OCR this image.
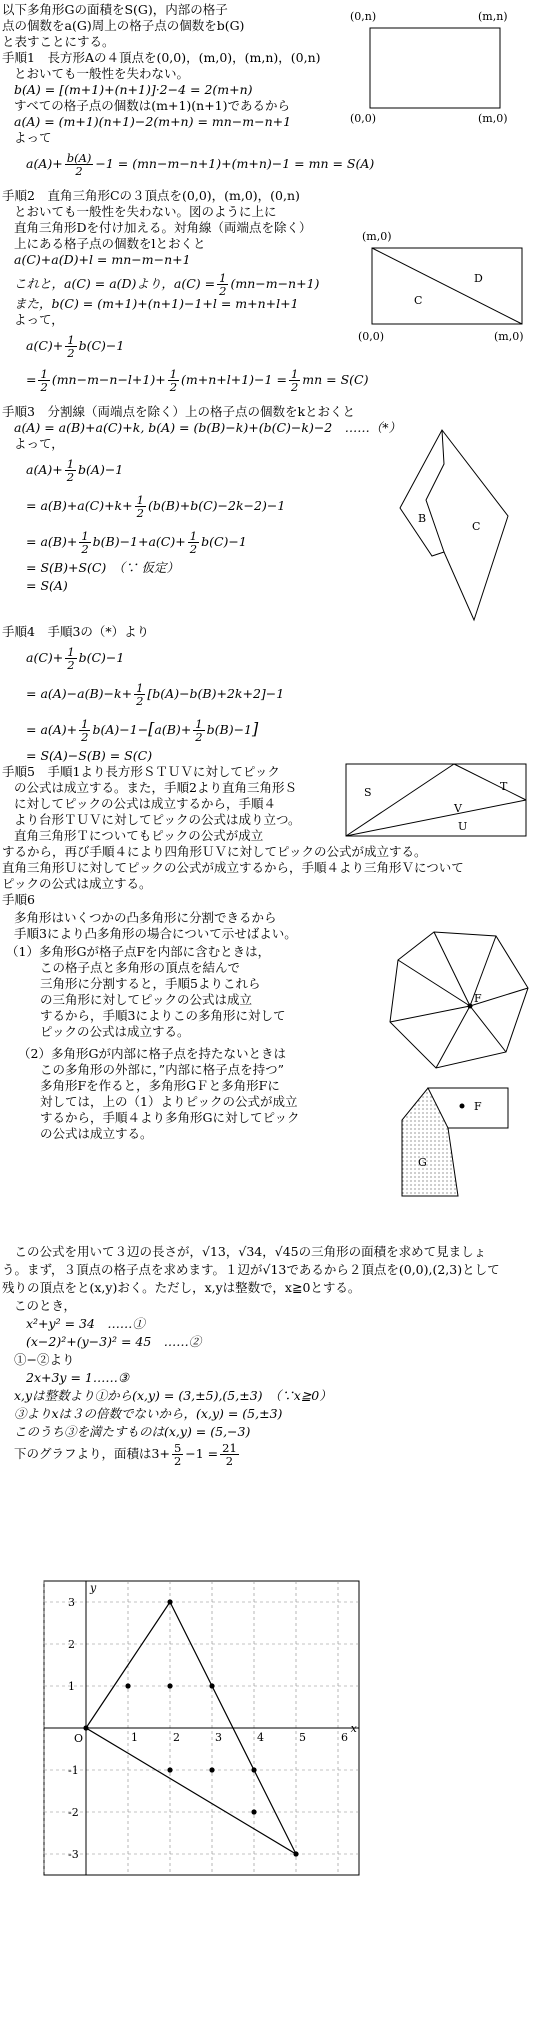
以下多角形Gの面積をS(G)，内部の格子
点の個数をa(G)周上の格子点の個数をb(G)
と表すことにする。
(0,n)	(m,n)
(0,0)	(m,0)
手順1　長方形Aの４頂点を(0,0)，(m,0)，(m,n)，(0,n)
とおいても一般性を失わない。
b(A) = [(m+1)+(n+1)]·2−4 = 2(m+n)
すべての格子点の個数は(m+1)(n+1)であるから
a(A) = (m+1)(n+1)−2(m+n) = mn−m−n+1
よって
$a(A)+ \frac{b(A)}{2} -1 = (mn-m-n+1)+(m+n)-1$ = mn = S(A)
手順2　直角三角形Cの３頂点を(0,0)，(m,0)，(0,n)
とおいても一般性を失わない。図のように上に
直角三角形Dを付け加える。対角線（両端点を除く）
上にある格子点の個数をlとおくと
a(C)+a(D)+l = mn−m−n+1
これと，a(C) = a(D)より，$a(C) = \frac{1}{2} (mn-m-n+1)$
また，b(C) = (m+1)+(n+1)−1+l = m+n+l+1
よって，
$a(C)+ \frac{1}{2} b(C)-1$
= $\frac{1}{2} (mn-m-n-l+1)+ \frac{1}{2} (m+n+l+1)-1 = \frac{1}{2}$ mn = S(C)
(m,0)
(0,0)	(m,0)
C
D
手順3　分割線（両端点を除く）上の格子点の個数をkとおくと
a(A) = a(B)+a(C)+k, b(A) = (b(B)−k)+(b(C)−k)−2　……（*）
よって，
$a(A)+ \frac{1}{2} b(A)-1$
= $a(B)+a(C)+k+ \frac{1}{2} (b(B)+b(C)-2k-2)-1$
= $a(B)+ \frac{1}{2} b(B)-1+a(C)+ \frac{1}{2} b(C)-1$
= S(B)+S(C)　（∵ 仮定）
= S(A)
B
C
手順4　手順3の（*）より
$a(C)+ \frac{1}{2} b(C)-1$
= $a(A)-a(B)-k+ \frac{1}{2} [b(A)-b(B)+2k+2]-1$
= $a(A)+ \frac{1}{2} b(A)-1-[a(B)+ \frac{1}{2} b(B)-1]$
= S(A)−S(B) = S(C)
手順5　手順1より長方形ＳＴＵＶに対してピック
の公式は成立する。また，手順2より直角三角形Ｓ
に対してピックの公式は成立するから，手順４
より台形ＴＵＶに対してピックの公式は成り立つ。
直角三角形Ｔについてもピックの公式が成立
するから，再び手順４により四角形ＵＶに対してピックの公式が成立する。
直角三角形Ｕに対してピックの公式が成立するから，手順４より三角形Ｖについて
ピックの公式は成立する。
S	T
V
U
手順6
多角形はいくつかの凸多角形に分割できるから
手順3により凸多角形の場合について示せばよい。
（1）多角形Gが格子点Fを内部に含むときは，
この格子点と多角形の頂点を結んで
三角形に分割すると，手順5よりこれら
の三角形に対してピックの公式は成立
するから，手順3によりこの多角形に対して
ピックの公式は成立する。
（2）多角形Gが内部に格子点を持たないときは
この多角形の外部に，”内部に格子点を持つ”
多角形Fを作ると，多角形GＦと多角形Fに
対しては，上の（1）よりピックの公式が成立
するから，手順４より多角形Gに対してピック
の公式は成立する。
F
F
G
　この公式を用いて３辺の長さが，√13，√34，√45の三角形の面積を求めて見ましょ
う。まず，３頂点の格子点を求めます。１辺が√13であるから２頂点を(0,0),(2,3)として
残りの頂点をと(x,y)おく。ただし，x,yは整数で，x≧0とする。
このとき，
x²+y² = 34　……①
(x−2)²+(y−3)² = 45　……②
①−②より
2x+3y = 1……③
x,yは整数より①から(x,y) = (3,±5),(5,±3)　（∵x≧0）
③よりxは３の倍数でないから，(x,y) = (5,±3)
このうち③を満たすものは(x,y) = (5,−3)
下のグラフより，面積は$3+ \frac{5}{2} -1 = \frac{21}{2}$
x
y
O	1	2	3	4	5	6
3
2
1
-1
-2
-3
